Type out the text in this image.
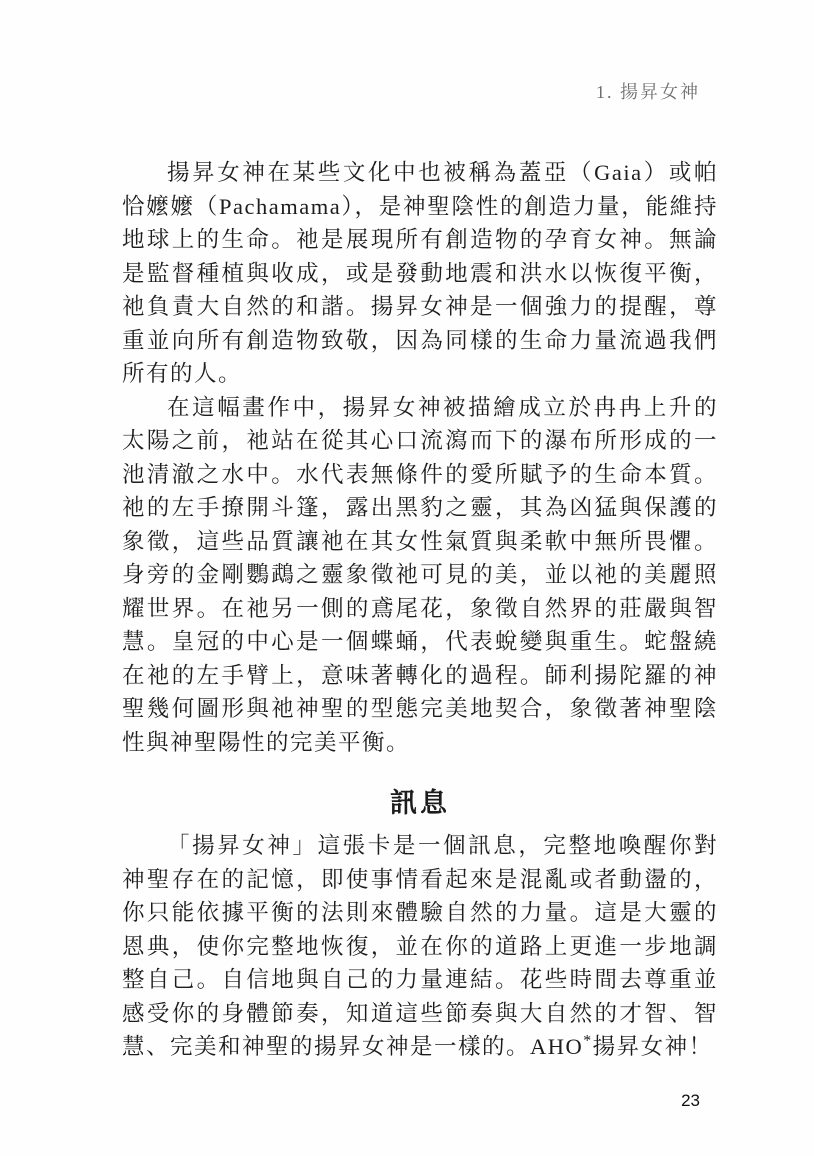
1. 揚昇女神

揚昇女神在某些文化中也被稱為蓋亞（Gaia）或帕恰嬤嬤（Pachamama），是神聖陰性的創造力量，能維持地球上的生命。祂是展現所有創造物的孕育女神。無論是監督種植與收成，或是發動地震和洪水以恢復平衡，祂負責大自然的和諧。揚昇女神是一個強力的提醒，尊重並向所有創造物致敬，因為同樣的生命力量流過我們所有的人。

在這幅畫作中，揚昇女神被描繪成立於冉冉上升的太陽之前，祂站在從其心口流瀉而下的瀑布所形成的一池清澈之水中。水代表無條件的愛所賦予的生命本質。祂的左手撩開斗篷，露出黑豹之靈，其為凶猛與保護的象徵，這些品質讓祂在其女性氣質與柔軟中無所畏懼。身旁的金剛鸚鵡之靈象徵祂可見的美，並以祂的美麗照耀世界。在祂另一側的鳶尾花，象徵自然界的莊嚴與智慧。皇冠的中心是一個蝶蛹，代表蛻變與重生。蛇盤繞在祂的左手臂上，意味著轉化的過程。師利揚陀羅的神聖幾何圖形與祂神聖的型態完美地契合，象徵著神聖陰性與神聖陽性的完美平衡。

訊息

「揚昇女神」這張卡是一個訊息，完整地喚醒你對神聖存在的記憶，即使事情看起來是混亂或者動盪的，你只能依據平衡的法則來體驗自然的力量。這是大靈的恩典，使你完整地恢復，並在你的道路上更進一步地調整自己。自信地與自己的力量連結。花些時間去尊重並感受你的身體節奏，知道這些節奏與大自然的才智、智慧、完美和神聖的揚昇女神是一樣的。AHO*揚昇女神！

23
